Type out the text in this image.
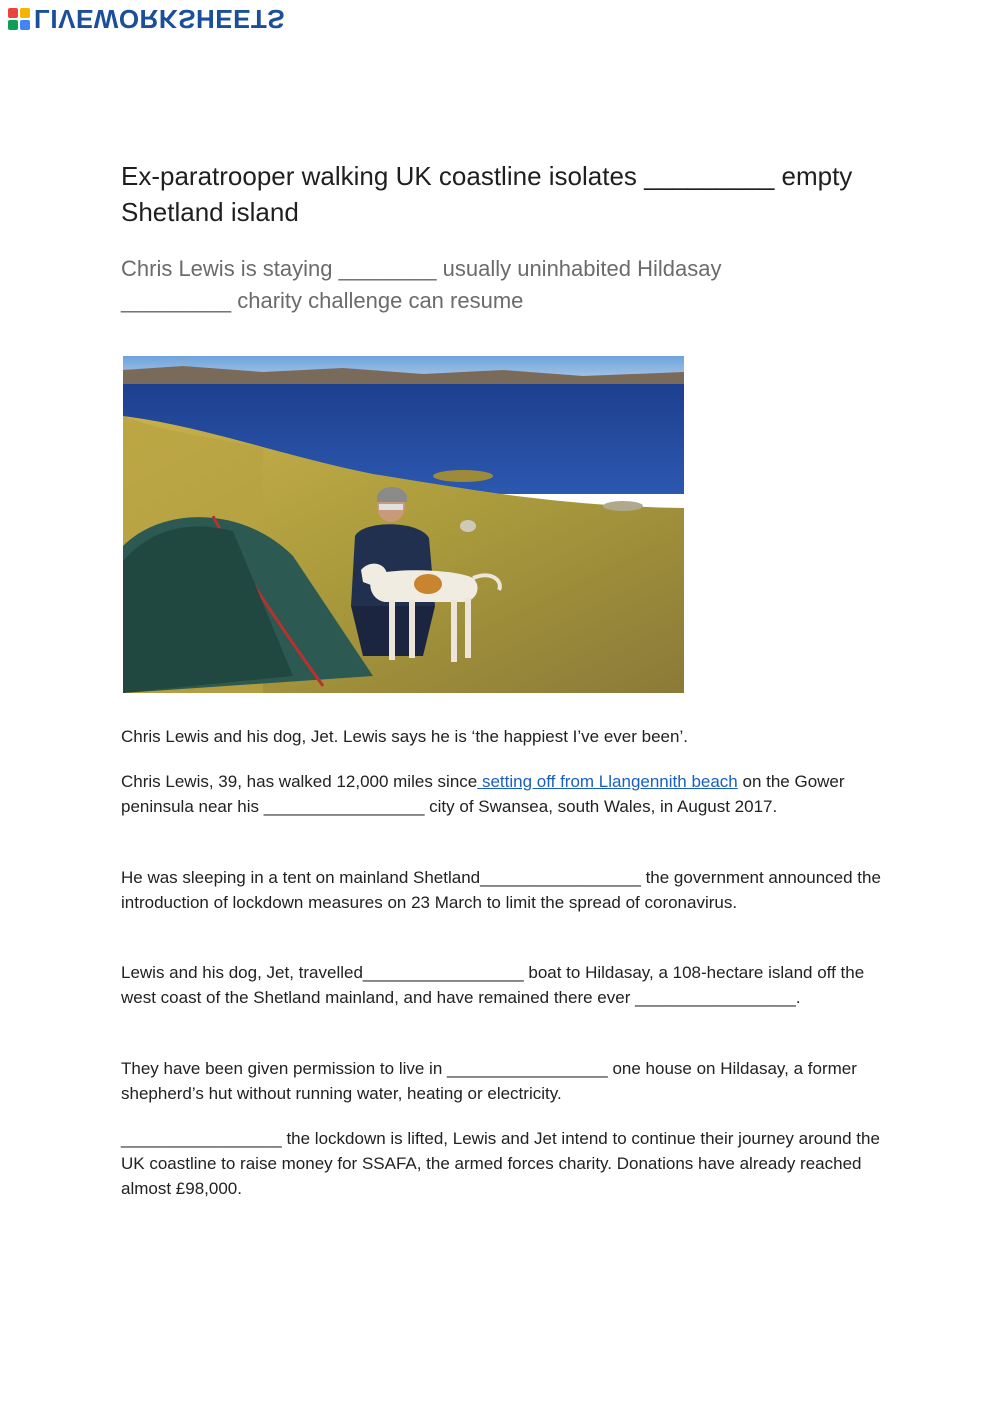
LIVEWORKSHEETS
Ex-paratrooper walking UK coastline isolates _________ empty Shetland island
Chris Lewis is staying ________ usually uninhabited Hildasay _________ charity challenge can resume

Chris Lewis and his dog, Jet. Lewis says he is ‘the happiest I’ve ever been’.

Chris Lewis, 39, has walked 12,000 miles since setting off from Llangennith beach on the Gower peninsula near his _________________ city of Swansea, south Wales, in August 2017.

He was sleeping in a tent on mainland Shetland_________________ the government announced the introduction of lockdown measures on 23 March to limit the spread of coronavirus.

Lewis and his dog, Jet, travelled_________________ boat to Hildasay, a 108-hectare island off the west coast of the Shetland mainland, and have remained there ever _________________.

They have been given permission to live in _________________ one house on Hildasay, a former shepherd’s hut without running water, heating or electricity.

_________________ the lockdown is lifted, Lewis and Jet intend to continue their journey around the UK coastline to raise money for SSAFA, the armed forces charity. Donations have already reached almost £98,000.
